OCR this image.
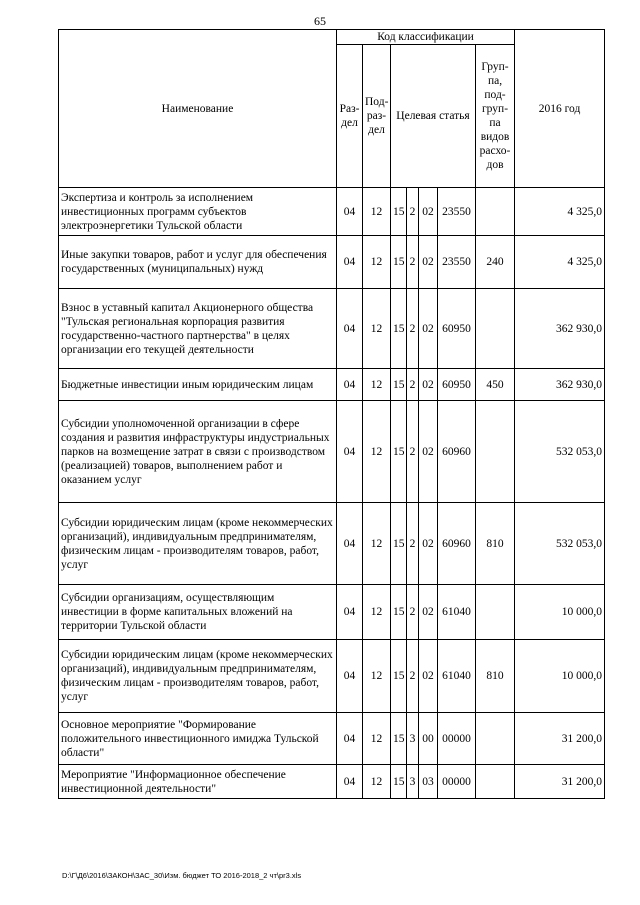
65
Наименование	Код классификации							2016 год
	Раз-дел	Под-раз-дел	Целевая статья				Груп-па, под-груп-па видов расхо-дов	
Экспертиза и контроль за исполнением инвестиционных программ субъектов электроэнергетики Тульской области	04	12	15	2	02	23550		4 325,0
Иные закупки товаров, работ и услуг для обеспечения государственных (муниципальных) нужд	04	12	15	2	02	23550	240	4 325,0
Взнос в уставный капитал Акционерного общества "Тульская региональная корпорация развития государственно-частного партнерства" в целях организации его текущей деятельности	04	12	15	2	02	60950		362 930,0
Бюджетные инвестиции иным юридическим лицам	04	12	15	2	02	60950	450	362 930,0
Субсидии уполномоченной организации в сфере создания и развития инфраструктуры индустриальных парков на возмещение затрат в связи с производством (реализацией) товаров, выполнением работ и оказанием услуг	04	12	15	2	02	60960		532 053,0
Субсидии юридическим лицам (кроме некоммерческих организаций), индивидуальным предпринимателям, физическим лицам - производителям товаров, работ, услуг	04	12	15	2	02	60960	810	532 053,0
Субсидии организациям, осуществляющим инвестиции в форме капитальных вложений на территории Тульской области	04	12	15	2	02	61040		10 000,0
Субсидии юридическим лицам (кроме некоммерческих организаций), индивидуальным предпринимателям, физическим лицам - производителям товаров, работ, услуг	04	12	15	2	02	61040	810	10 000,0
Основное мероприятие "Формирование положительного инвестиционного имиджа Тульской области"	04	12	15	3	00	00000		31 200,0
Мероприятие "Информационное обеспечение инвестиционной деятельности"	04	12	15	3	03	00000		31 200,0
D:\Г\Д6\2016\ЗАКОН\ЗАС_30\Изм. бюджет ТО 2016-2018_2 чт\pr3.xls
